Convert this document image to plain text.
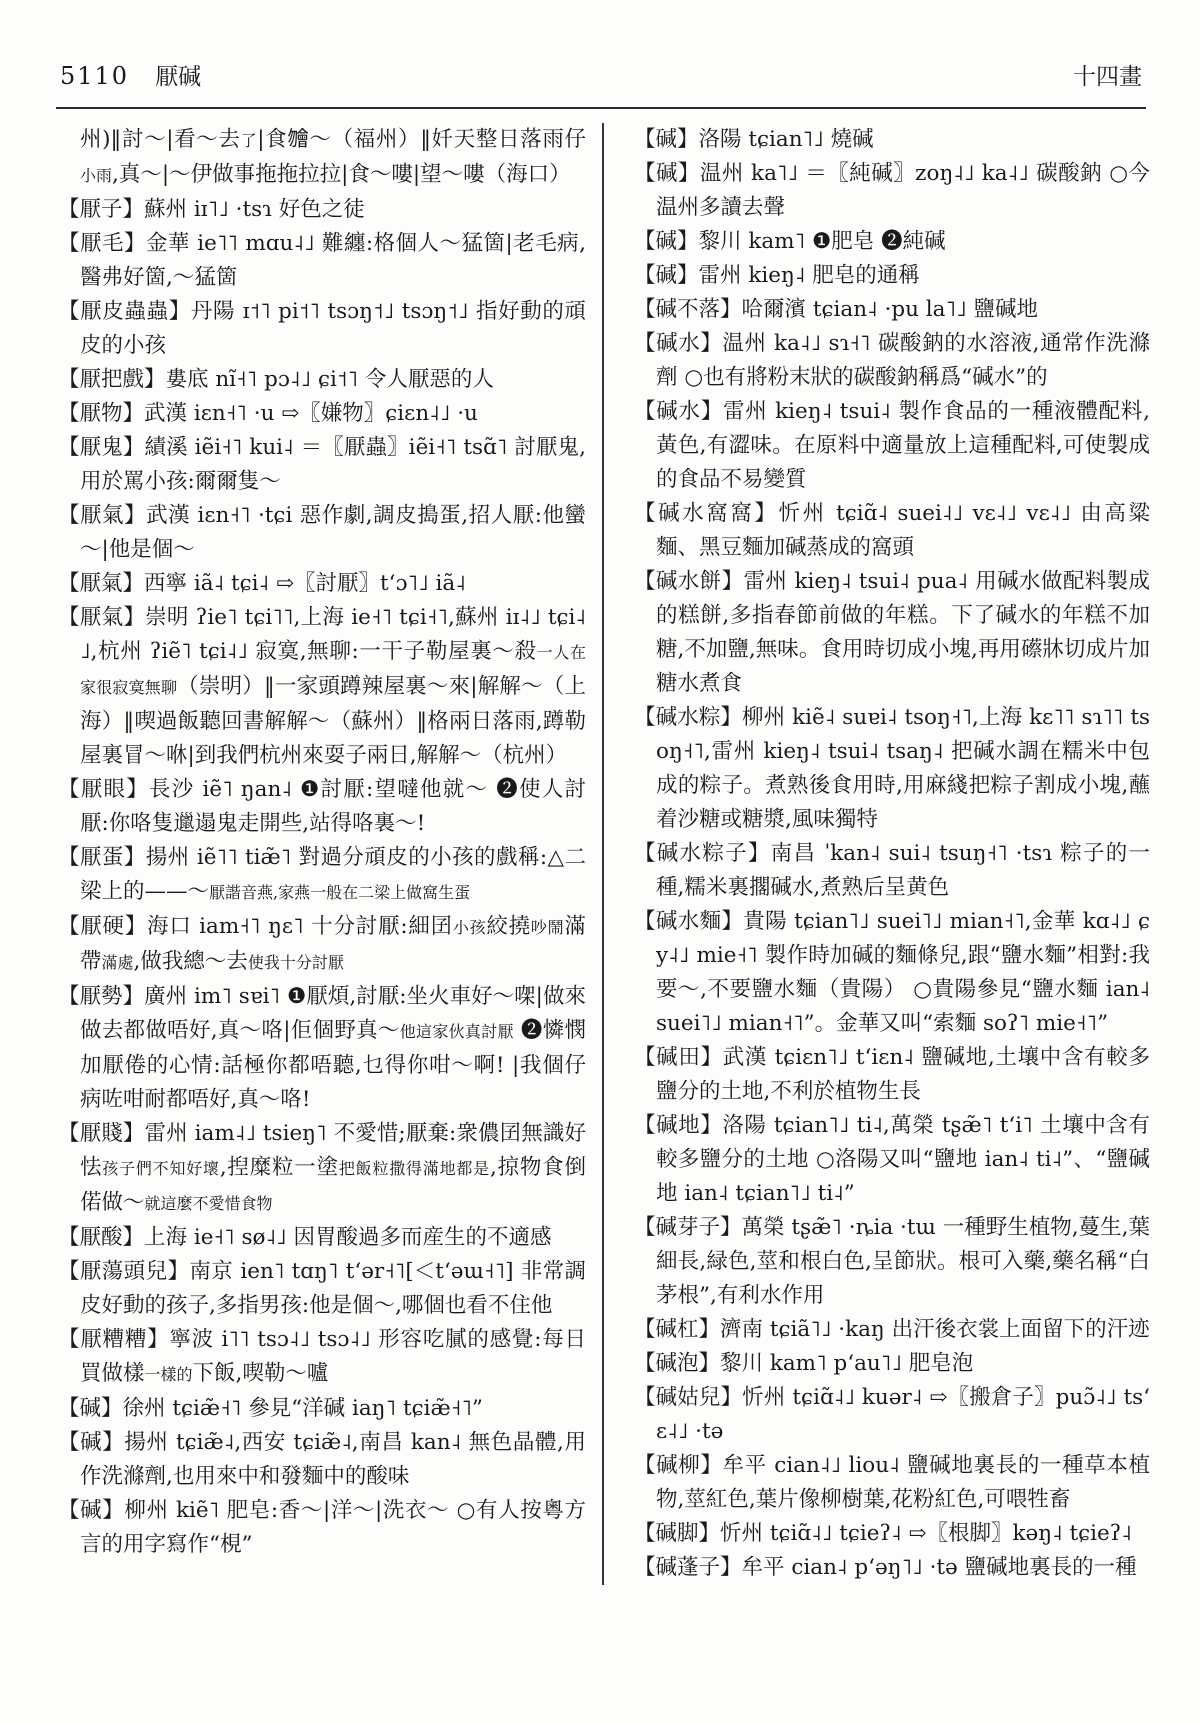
5110 厭碱	十四畫
州)‖討～|看～去了|食𣍐～（福州）‖奷天整日落雨仔小雨,真～|～伊做事拖拖拉拉|食～嘍|望～嘍（海口）
【厭子】蘇州 iɪ˥˩ ·tsɿ 好色之徒
【厭毛】金華 ie˥˥ mɑu˨˩ 難纏:格個人～猛箇|老毛病,醫弗好箇,～猛箇
【厭皮蟲蟲】丹陽 ɪ˦˥ pi˦˥ tsɔŋ˦˩ tsɔŋ˦˩ 指好動的頑皮的小孩
【厭把戲】婁底 nĩ˧˥ pɔ˨˩ ɕi˦˥ 令人厭惡的人
【厭物】武漢 iɛn˧˥ ·u ⇨〖嫌物〗ɕiɛn˨˩ ·u
【厭鬼】績溪 iẽi˧˥ kui˨ ＝〖厭蟲〗iẽi˧˥ tsɑ̃˥ 討厭鬼,用於罵小孩:爾爾隻～
【厭氣】武漢 iɛn˧˥ ·tɕi 惡作劇,調皮搗蛋,招人厭:他蠻～|他是個～
【厭氣】西寧 iã˨ tɕi˨ ⇨〖討厭〗tʻɔ˥˩ iã˨
【厭氣】崇明 ʔie˥ tɕi˥˥,上海 ie˧˥ tɕi˧˥,蘇州 iɪ˨˩ tɕi˨˩,杭州 ʔiẽ˥ tɕi˨˩ 寂寞,無聊:一干子勒屋裏～殺一人在家很寂寞無聊（崇明）‖一家頭蹲辣屋裏～來|解解～（上海）‖喫過飯聽回書解解～（蘇州）‖格兩日落雨,蹲勒屋裏冒～咻|到我們杭州來耍子兩日,解解～（杭州）
【厭眼】長沙 iẽ˥ ŋan˨ ❶討厭:望噠他就～ ❷使人討厭:你咯隻邋遢鬼走開些,站得咯裏～!
【厭蛋】揚州 iẽ˥˥ tiæ̃˥ 對過分頑皮的小孩的戲稱:△二梁上的——～厭諧音燕,家燕一般在二梁上做窩生蛋
【厭硬】海口 iam˧˥ ŋɛ˥ 十分討厭:細囝小孩絞撓吵鬧滿帶滿處,做我總～去使我十分討厭
【厭勢】廣州 im˥ sɐi˥ ❶厭煩,討厭:坐火車好～㗎|做來做去都做唔好,真～咯|佢個野真～他這家伙真討厭 ❷憐憫加厭倦的心情:話極你都唔聽,乜得你咁～啊! |我個仔病咗咁耐都唔好,真～咯!
【厭賤】雷州 iam˨˩ tsieŋ˥ 不愛惜;厭棄:衆儂囝無識好怯孩子們不知好壞,揑糜粒一塗把飯粒撒得滿地都是,掠物食倒偌做～就這麼不愛惜食物
【厭酸】上海 ie˧˥ sø˨˩ 因胃酸過多而産生的不適感
【厭蕩頭兒】南京 ien˥ tɑŋ˥ tʻər˧˥[＜tʻəɯ˧˥] 非常調皮好動的孩子,多指男孩:他是個～,哪個也看不住他
【厭糟糟】寧波 i˥˥ tsɔ˨˩ tsɔ˨˩ 形容吃膩的感覺:每日買做樣一樣的下飯,喫勒～嚧
【碱】徐州 tɕiæ̃˧˥ 參見“洋碱 iaŋ˥ tɕiæ̃˧˥”
【碱】揚州 tɕiæ̃˨,西安 tɕiæ̃˨,南昌 kan˨ 無色晶體,用作洗滌劑,也用來中和發麵中的酸味
【碱】柳州 kiẽ˥ 肥皂:香～|洋～|洗衣～ ○有人按粵方言的用字寫作“梘”
【碱】洛陽 tɕian˥˩ 燒碱
【碱】温州 ka˥˩ ＝〖純碱〗zoŋ˨˩ ka˨˩ 碳酸鈉 ○今温州多讀去聲
【碱】黎川 kam˥ ❶肥皂 ❷純碱
【碱】雷州 kieŋ˨ 肥皂的通稱
【碱不落】哈爾濱 tɕian˨ ·pu la˥˩ 鹽碱地
【碱水】温州 ka˨˩ sɿ˧˥ 碳酸鈉的水溶液,通常作洗滌劑 ○也有將粉末狀的碳酸鈉稱爲“碱水”的
【碱水】雷州 kieŋ˨ tsui˨ 製作食品的一種液體配料,黃色,有澀味。在原料中適量放上這種配料,可使製成的食品不易變質
【碱水窩窩】忻州 tɕiɑ̃˨ suei˨˩ vɛ˨˩ vɛ˨˩ 由高粱麵、黑豆麵加碱蒸成的窩頭
【碱水餅】雷州 kieŋ˨ tsui˨ pua˨ 用碱水做配料製成的糕餅,多指春節前做的年糕。下了碱水的年糕不加糖,不加鹽,無味。食用時切成小塊,再用礤牀切成片加糖水煮食
【碱水粽】柳州 kiẽ˨ suɐi˨ tsoŋ˧˥,上海 kɛ˥˥ sɿ˥˥ tsoŋ˧˥,雷州 kieŋ˨ tsui˨ tsaŋ˨ 把碱水調在糯米中包成的粽子。煮熟後食用時,用麻綫把粽子割成小塊,蘸着沙糖或糖漿,風味獨特
【碱水粽子】南昌 ˈkan˨ sui˨ tsuŋ˧˥ ·tsɿ 粽子的一種,糯米裏擱碱水,煮熟后呈黄色
【碱水麵】貴陽 tɕian˥˩ suei˥˩ mian˧˥,金華 kɑ˨˩ ɕy˨˩ mie˧˥ 製作時加碱的麵條兒,跟“鹽水麵”相對:我要～,不要鹽水麵（貴陽） ○貴陽參見“鹽水麵 ian˨ suei˥˩ mian˧˥”。金華又叫“索麵 soʔ˥ mie˧˥”
【碱田】武漢 tɕiɛn˥˩ tʻiɛn˨ 鹽碱地,土壤中含有較多鹽分的土地,不利於植物生長
【碱地】洛陽 tɕian˥˩ ti˨,萬榮 tʂæ̃˥ tʻi˥ 土壤中含有較多鹽分的土地 ○洛陽又叫“鹽地 ian˨ ti˨”、“鹽碱地 ian˨ tɕian˥˩ ti˨”
【碱芽子】萬榮 tʂæ̃˥ ·ȵia ·tɯ 一種野生植物,蔓生,葉細長,緑色,莖和根白色,呈節狀。根可入藥,藥名稱“白茅根”,有利水作用
【碱杠】濟南 tɕiã˥˩ ·kaŋ 出汗後衣裳上面留下的汗迹
【碱泡】黎川 kam˥ pʻau˥˩ 肥皂泡
【碱姑兒】忻州 tɕiɑ̃˨˩ kuər˨ ⇨〖搬倉子〗puɔ̃˨˩ tsʻɛ˨˩ ·tə
【碱柳】牟平 cian˨˩ liou˨ 鹽碱地裏長的一種草本植物,莖紅色,葉片像柳樹葉,花粉紅色,可喂牲畜
【碱脚】忻州 tɕiɑ̃˨˩ tɕieʔ˨ ⇨〖根脚〗kəŋ˨ tɕieʔ˨
【碱蓬子】牟平 cian˨ pʻəŋ˥˩ ·tə 鹽碱地裏長的一種
